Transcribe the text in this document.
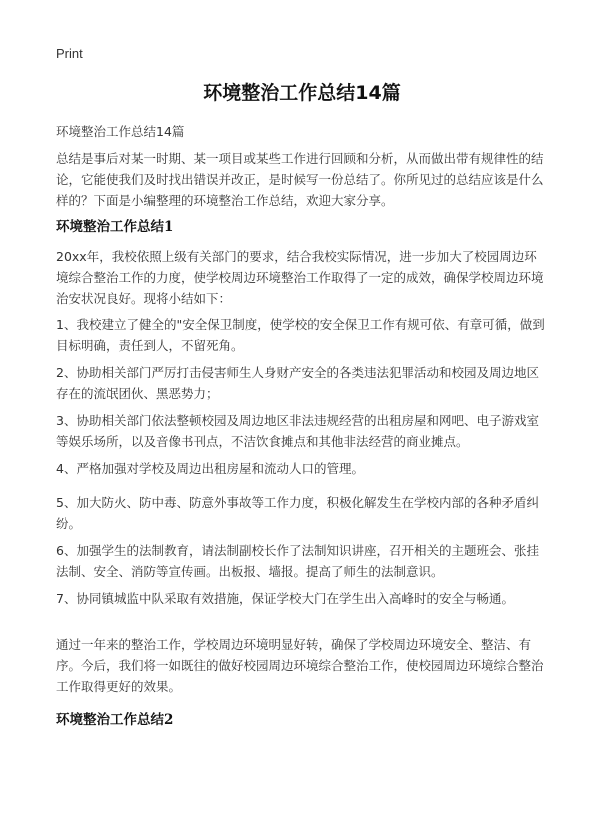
Print
环境整治工作总结14篇
环境整治工作总结14篇

总结是事后对某一时期、某一项目或某些工作进行回顾和分析，从而做出带有规律性的结论，它能使我们及时找出错误并改正，是时候写一份总结了。你所见过的总结应该是什么样的？下面是小编整理的环境整治工作总结，欢迎大家分享。

环境整治工作总结1

20xx年，我校依照上级有关部门的要求，结合我校实际情况，进一步加大了校园周边环境综合整治工作的力度，使学校周边环境整治工作取得了一定的成效，确保学校周边环境治安状况良好。现将小结如下：

1、我校建立了健全的"安全保卫制度，使学校的安全保卫工作有规可依、有章可循，做到目标明确，责任到人，不留死角。

2、协助相关部门严厉打击侵害师生人身财产安全的各类违法犯罪活动和校园及周边地区存在的流氓团伙、黑恶势力；

3、协助相关部门依法整顿校园及周边地区非法违规经营的出租房屋和网吧、电子游戏室等娱乐场所，以及音像书刊点，不洁饮食摊点和其他非法经营的商业摊点。

4、严格加强对学校及周边出租房屋和流动人口的管理。

5、加大防火、防中毒、防意外事故等工作力度，积极化解发生在学校内部的各种矛盾纠纷。

6、加强学生的法制教育，请法制副校长作了法制知识讲座，召开相关的主题班会、张挂法制、安全、消防等宣传画。出板报、墙报。提高了师生的法制意识。

7、协同镇城监中队采取有效措施，保证学校大门在学生出入高峰时的安全与畅通。

通过一年来的整治工作，学校周边环境明显好转，确保了学校周边环境安全、整洁、有序。今后，我们将一如既往的做好校园周边环境综合整治工作，使校园周边环境综合整治工作取得更好的效果。

环境整治工作总结2
